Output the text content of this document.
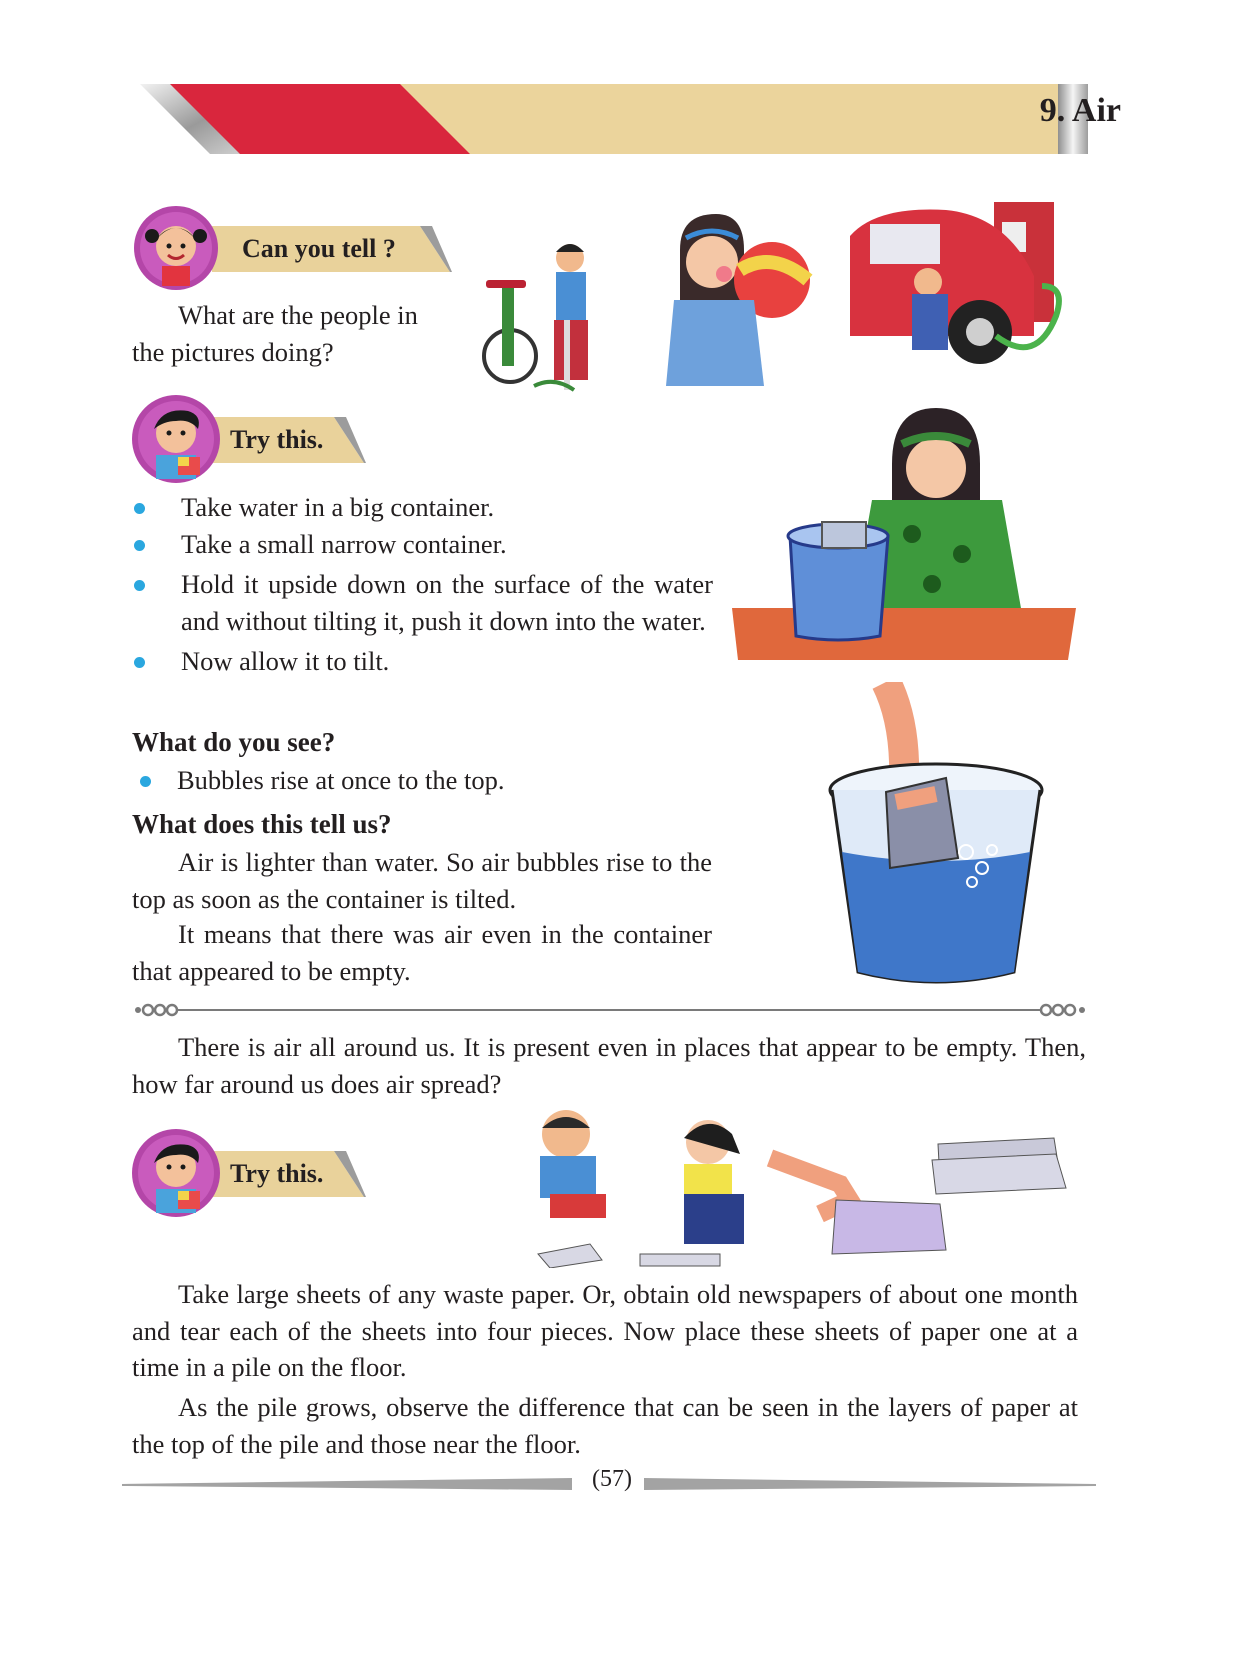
9. Air
Can you tell ?

What are the people in the pictures doing?

Try this.
Take water in a big container.
Take a small narrow container.
Hold it upside down on the surface of the water and without tilting it, push it down into the water.
Now allow it to tilt.
What do you see?
Bubbles rise at once to the top.
What does this tell us?

Air is lighter than water. So air bubbles rise to the top as soon as the container is tilted.

It means that there was air even in the container that appeared to be empty.

There is air all around us. It is present even in places that appear to be empty. Then, how far around us does air spread?

Try this.

Take large sheets of any waste paper. Or, obtain old newspapers of about one month and tear each of the sheets into four pieces. Now place these sheets of paper one at a time in a pile on the floor.

As the pile grows, observe the difference that can be seen in the layers of paper at the top of the pile and those near the floor.

(57)
